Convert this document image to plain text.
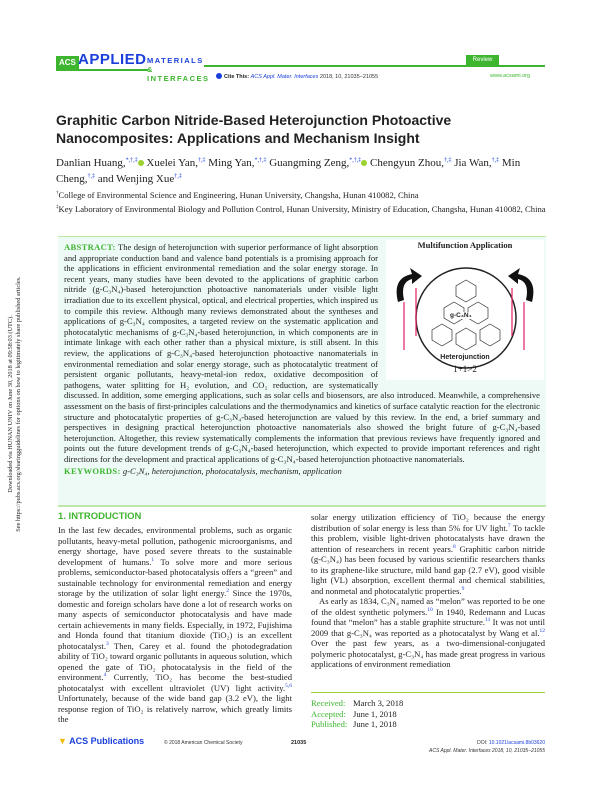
Downloaded via HUNAN UNIV on June 30, 2018 at 09:58:03 (UTC). See https://pubs.acs.org/sharingguidelines for options on how to legitimately share published articles.
ACS APPLIED MATERIALS
& INTERFACES
Review
Cite This: ACS Appl. Mater. Interfaces 2018, 10, 21035−21055	www.acsami.org
Graphitic Carbon Nitride-Based Heterojunction Photoactive Nanocomposites: Applications and Mechanism Insight
Danlian Huang,*,†,‡ Xuelei Yan,†,‡ Ming Yan,*,†,‡ Guangming Zeng,*,†,‡ Chengyun Zhou,†,‡ Jia Wan,†,‡ Min Cheng,†,‡ and Wenjing Xue†,‡
†College of Environmental Science and Engineering, Hunan University, Changsha, Hunan 410082, China
‡Key Laboratory of Environmental Biology and Pollution Control, Hunan University, Ministry of Education, Changsha, Hunan 410082, China
Multifunction Application
g-C₃N₄
Heterojunction
1+1>2
ABSTRACT: The design of heterojunction with superior performance of light absorption and appropriate conduction band and valence band potentials is a promising approach for the applications in efficient environmental remediation and the solar energy storage. In recent years, many studies have been devoted to the applications of graphitic carbon nitride (g-C₃N₄)-based heterojunction photoactive nanomaterials under visible light irradiation due to its excellent physical, optical, and electrical properties, which inspired us to compile this review. Although many reviews demonstrated about the syntheses and applications of g-C₃N₄ composites, a targeted review on the systematic application and photocatalytic mechanisms of g-C₃N₄-based heterojunction, in which components are in intimate linkage with each other rather than a physical mixture, is still absent. In this review, the applications of g-C₃N₄-based heterojunction photoactive nanomaterials in environmental remediation and solar energy storage, such as photocatalytic treatment of persistent organic pollutants, heavy-metal-ion redox, oxidative decomposition of pathogens, water splitting for H₂ evolution, and CO₂ reduction, are systematically discussed. In addition, some emerging applications, such as solar cells and biosensors, are also introduced. Meanwhile, a comprehensive assessment on the basis of first-principles calculations and the thermodynamics and kinetics of surface catalytic reaction for the electronic structure and photocatalytic properties of g-C₃N₄-based heterojunction are valued by this review. In the end, a brief summary and perspectives in designing practical heterojunction photoactive nanomaterials also showed the bright future of g-C₃N₄-based heterojunction. Altogether, this review systematically complements the information that previous reviews have frequently ignored and points out the future development trends of g-C₃N₄-based heterojunction, which expected to provide important references and right directions for the development and practical applications of g-C₃N₄-based heterojunction photoactive nanomaterials.
KEYWORDS: g-C₃N₄, heterojunction, photocatalysis, mechanism, application
1. INTRODUCTION

In the last few decades, environmental problems, such as organic pollutants, heavy-metal pollution, pathogenic microorganisms, and energy shortage, have posed severe threats to the sustainable development of humans.$^1$ To solve more and more serious problems, semiconductor-based photocatalysis offers a “green” and sustainable technology for environmental remediation and energy storage by the utilization of solar light energy.$^2$ Since the 1970s, domestic and foreign scholars have done a lot of research works on many aspects of semiconductor photocatalysis and have made certain achievements in many fields. Especially, in 1972, Fujishima and Honda found that titanium dioxide (TiO₂) is an excellent photocatalyst.$^3$ Then, Carey et al. found the photodegradation ability of TiO₂ toward organic pollutants in aqueous solution, which opened the gate of TiO₂ photocatalysis in the field of the environment.$^4$ Currently, TiO₂ has become the best-studied photocatalyst with excellent ultraviolet (UV) light activity.$^{5,6}$ Unfortunately, because of the wide band gap (3.2 eV), the light response region of TiO₂ is relatively narrow, which greatly limits the

solar energy utilization efficiency of TiO₂ because the energy distribution of solar energy is less than 5% for UV light.$^7$ To tackle this problem, visible light-driven photocatalysts have drawn the attention of researchers in recent years.$^8$ Graphitic carbon nitride (g-C₃N₄) has been focused by various scientific researchers thanks to its graphene-like structure, mild band gap (2.7 eV), good visible light (VL) absorption, excellent thermal and chemical stabilities, and nonmetal and photocatalytic properties.$^9$

As early as 1834, C₃N₄ named as “melon” was reported to be one of the oldest synthetic polymers.$^{10}$ In 1940, Redemann and Lucas found that “melon” has a stable graphite structure.$^{11}$ It was not until 2009 that g-C₃N₄ was reported as a photocatalyst by Wang et al.$^{12}$ Over the past few years, as a two-dimensional-conjugated polymeric photocatalyst, g-C₃N₄ has made great progress in various applications of environment remediation

Received: March 3, 2018
Accepted: June 1, 2018
Published: June 1, 2018
▼ ACS Publications	© 2018 American Chemical Society	21035	DOI: 10.1021/acsami.8b03620
ACS Appl. Mater. Interfaces 2018, 10, 21035−21055
